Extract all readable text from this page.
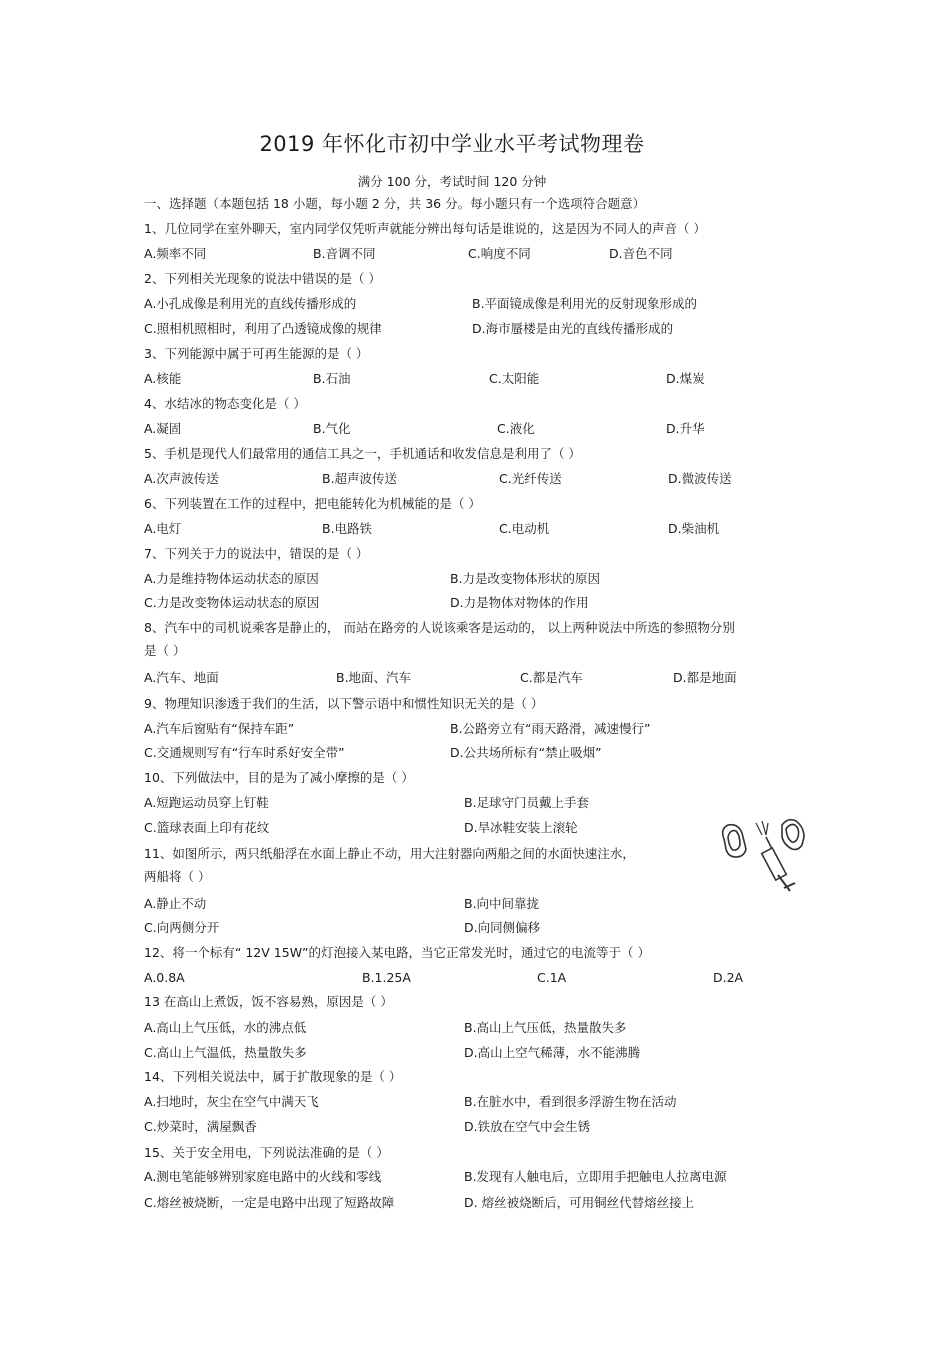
2019 年怀化市初中学业水平考试物理卷
满分 100 分，考试时间 120 分钟
一、选择题（本题包括 18 小题，每小题 2 分，共 36 分。每小题只有一个选项符合题意）
1、几位同学在室外聊天，室内同学仅凭听声就能分辨出每句话是谁说的，这是因为不同人的声音（ ）
A.频率不同	B.音调不同	C.响度不同	D.音色不同
2、下列相关光现象的说法中错误的是（ ）
A.小孔成像是利用光的直线传播形成的	B.平面镜成像是利用光的反射现象形成的
C.照相机照相时，利用了凸透镜成像的规律	D.海市蜃楼是由光的直线传播形成的
3、下列能源中属于可再生能源的是（ ）
A.核能	B.石油	C.太阳能	D.煤炭
4、水结冰的物态变化是（ ）
A.凝固	B.气化	C.液化	D.升华
5、手机是现代人们最常用的通信工具之一，手机通话和收发信息是利用了（ ）
A.次声波传送	B.超声波传送	C.光纤传送	D.微波传送
6、下列装置在工作的过程中，把电能转化为机械能的是（ ）
A.电灯	B.电路铁	C.电动机	D.柴油机
7、下列关于力的说法中，错误的是（ ）
A.力是维持物体运动状态的原因	B.力是改变物体形状的原因
C.力是改变物体运动状态的原因	D.力是物体对物体的作用
8、汽车中的司机说乘客是静止的， 而站在路旁的人说该乘客是运动的， 以上两种说法中所选的参照物分别
是（ ）
A.汽车、地面	B.地面、汽车	C.都是汽车	D.都是地面
9、物理知识渗透于我们的生活，以下警示语中和惯性知识无关的是（ ）
A.汽车后窗贴有“保持车距”	B.公路旁立有“雨天路滑，减速慢行”
C.交通规则写有“行车时系好安全带”	D.公共场所标有“禁止吸烟”
10、下列做法中，目的是为了减小摩擦的是（ ）
A.短跑运动员穿上钉鞋	B.足球守门员戴上手套
C.篮球表面上印有花纹	D.旱冰鞋安装上滚轮
11、如图所示，两只纸船浮在水面上静止不动，用大注射器向两船之间的水面快速注水，
两船将（ ）
A.静止不动	B.向中间靠拢
C.向两侧分开	D.向同侧偏移
12、将一个标有“ 12V 15W”的灯泡接入某电路，当它正常发光时，通过它的电流等于（ ）
A.0.8A	B.1.25A	C.1A	D.2A
13 在高山上煮饭，饭不容易熟，原因是（ ）
A.高山上气压低，水的沸点低	B.高山上气压低，热量散失多
C.高山上气温低，热量散失多	D.高山上空气稀薄，水不能沸腾
14、下列相关说法中，属于扩散现象的是（ ）
A.扫地时，灰尘在空气中满天飞	B.在脏水中，看到很多浮游生物在活动
C.炒菜时，满屋飘香	D.铁放在空气中会生锈
15、关于安全用电，下列说法准确的是（ ）
A.测电笔能够辨别家庭电路中的火线和零线	B.发现有人触电后，立即用手把触电人拉离电源
C.熔丝被烧断，一定是电路中出现了短路故障	D. 熔丝被烧断后，可用铜丝代替熔丝接上
